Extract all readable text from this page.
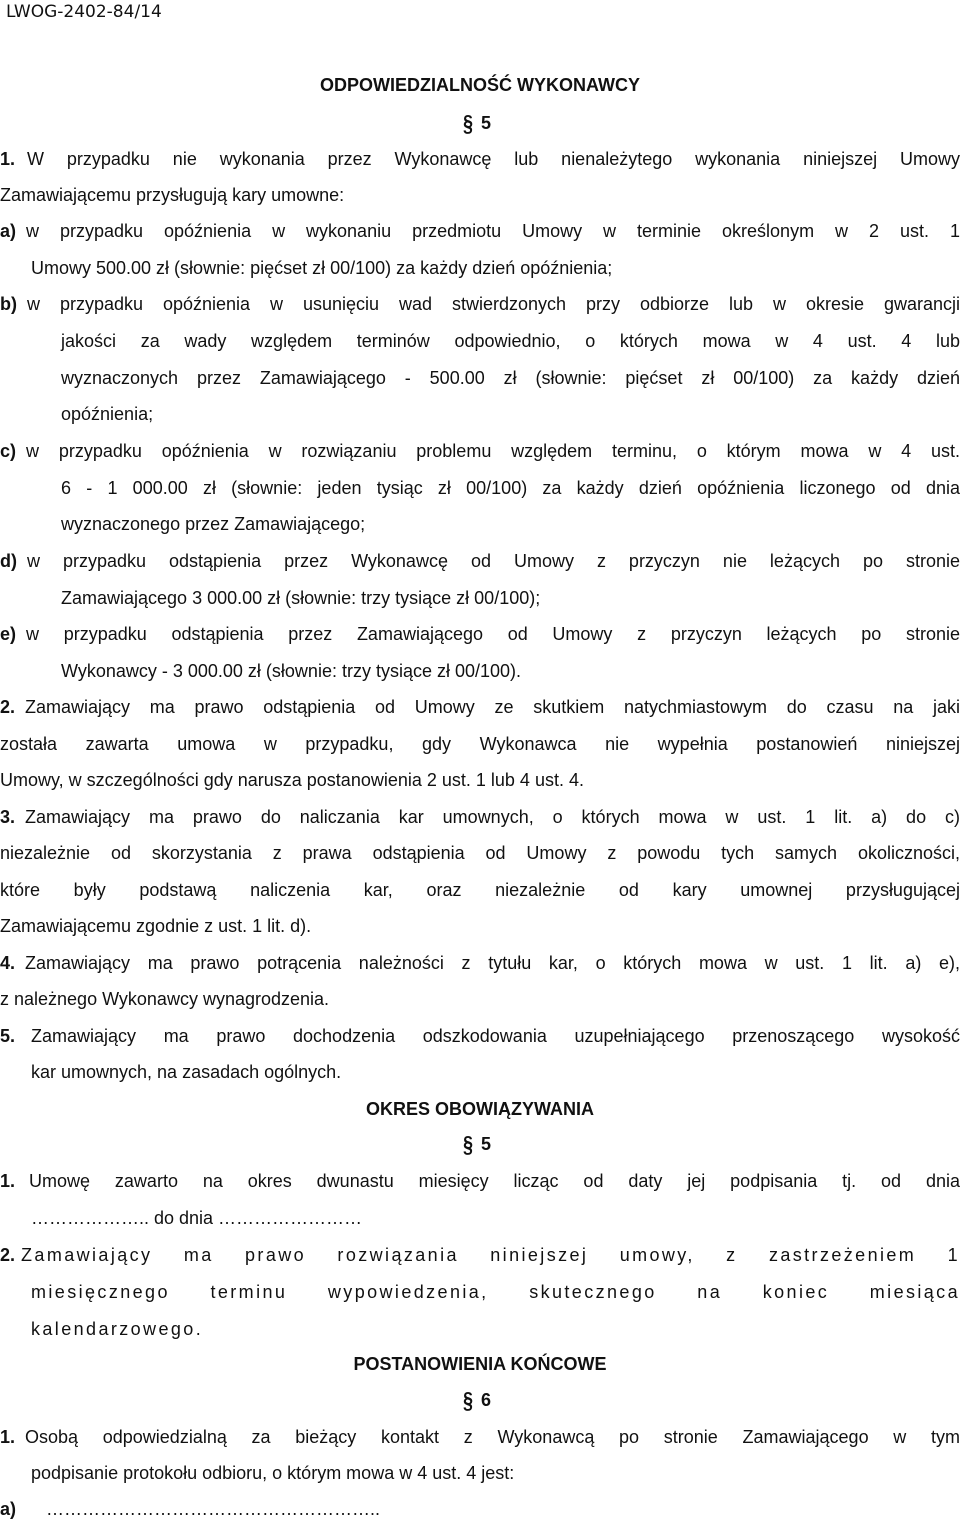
LWOG-2402-84/14
ODPOWIEDZIALNOŚĆ WYKONAWCY
§ 5
1. W przypadku nie wykonania przez Wykonawcę lub nienależytego wykonania niniejszej Umowy
Zamawiającemu przysługują kary umowne:
a) w przypadku opóźnienia w wykonaniu przedmiotu Umowy w terminie określonym w 2 ust. 1
Umowy 500.00 zł (słownie: pięćset zł 00/100) za każdy dzień opóźnienia;
b) w przypadku opóźnienia w usunięciu wad stwierdzonych przy odbiorze lub w okresie gwarancji
jakości za wady względem terminów odpowiednio, o których mowa w 4 ust. 4 lub
wyznaczonych przez Zamawiającego - 500.00 zł (słownie: pięćset zł 00/100) za każdy dzień
opóźnienia;
c) w przypadku opóźnienia w rozwiązaniu problemu względem terminu, o którym mowa w 4 ust.
6 - 1 000.00 zł (słownie: jeden tysiąc zł 00/100) za każdy dzień opóźnienia liczonego od dnia
wyznaczonego przez Zamawiającego;
d) w przypadku odstąpienia przez Wykonawcę od Umowy z przyczyn nie leżących po stronie
Zamawiającego 3 000.00 zł (słownie: trzy tysiące zł 00/100);
e) w przypadku odstąpienia przez Zamawiającego od Umowy z przyczyn leżących po stronie
Wykonawcy - 3 000.00 zł (słownie: trzy tysiące zł 00/100).
2. Zamawiający ma prawo odstąpienia od Umowy ze skutkiem natychmiastowym do czasu na jaki
została zawarta umowa w przypadku, gdy Wykonawca nie wypełnia postanowień niniejszej
Umowy, w szczególności gdy narusza postanowienia 2 ust. 1 lub 4 ust. 4.
3. Zamawiający ma prawo do naliczania kar umownych, o których mowa w ust. 1 lit. a) do c)
niezależnie od skorzystania z prawa odstąpienia od Umowy z powodu tych samych okoliczności,
które były podstawą naliczenia kar, oraz niezależnie od kary umownej przysługującej
Zamawiającemu zgodnie z ust. 1 lit. d).
4. Zamawiający ma prawo potrącenia należności z tytułu kar, o których mowa w ust. 1 lit. a) e),
z należnego Wykonawcy wynagrodzenia.
5. Zamawiający ma prawo dochodzenia odszkodowania uzupełniającego przenoszącego wysokość
kar umownych, na zasadach ogólnych.
OKRES OBOWIĄZYWANIA
§ 5
1. Umowę zawarto na okres dwunastu miesięcy licząc od daty jej podpisania tj. od dnia
……………….. do dnia ……………………
2. Zamawiający ma prawo rozwiązania niniejszej umowy, z zastrzeżeniem 1
miesięcznego terminu wypowiedzenia, skutecznego na koniec miesiąca
kalendarzowego.
POSTANOWIENIA KOŃCOWE
§ 6
1. Osobą odpowiedzialną za bieżący kontakt z Wykonawcą po stronie Zamawiającego w tym
podpisanie protokołu odbioru, o którym mowa w 4 ust. 4 jest:
a) ………………………………………………..
